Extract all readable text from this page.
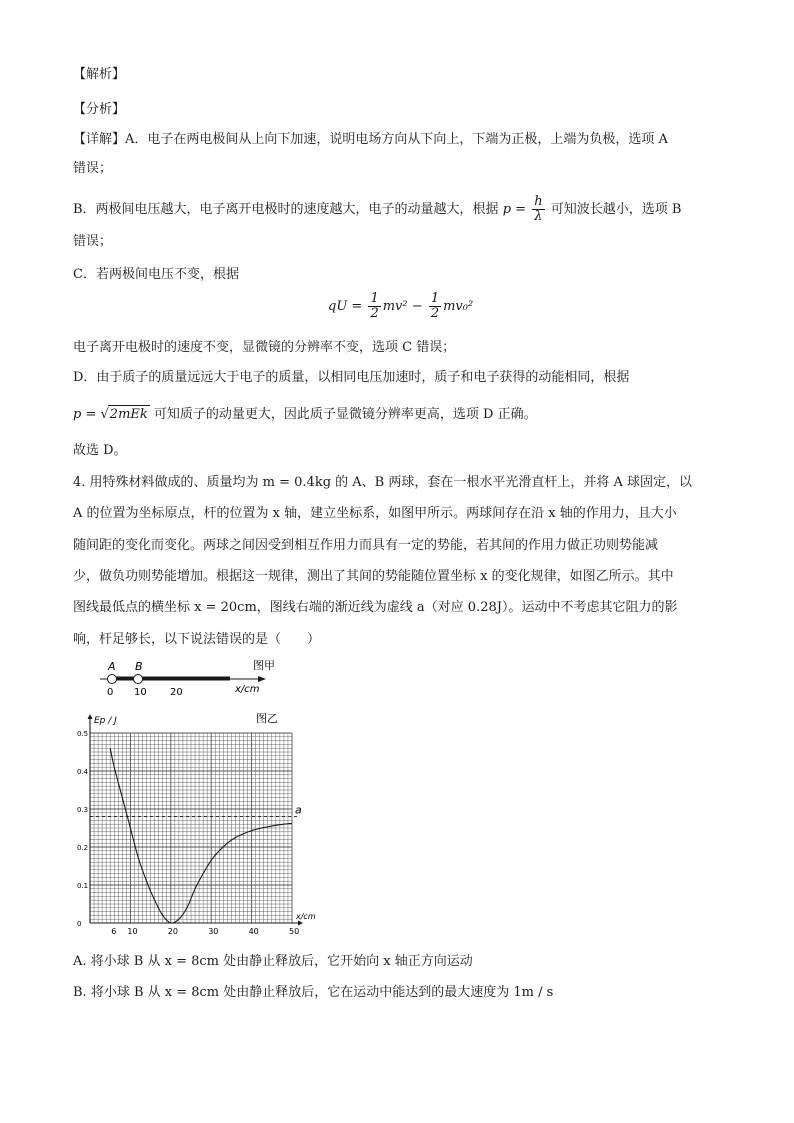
【解析】
【分析】
【详解】A．电子在两电极间从上向下加速，说明电场方向从下向上，下端为正极，上端为负极，选项 A
错误；
B．两极间电压越大，电子离开电极时的速度越大，电子的动量越大，根据 $p = \frac{h}{\lambda}$ 可知波长越小，选项 B
错误；
C．若两极间电压不变，根据
qU = $\frac{1}{2} mv^2 - \frac{1}{2} mv_0^2$
电子离开电极时的速度不变，显微镜的分辨率不变，选项 C 错误；
D．由于质子的质量远远大于电子的质量，以相同电压加速时，质子和电子获得的动能相同，根据
p = √2mEk 可知质子的动量更大，因此质子显微镜分辨率更高，选项 D 正确。
故选 D。
4. 用特殊材料做成的、质量均为 m = 0.4kg 的 A、B 两球，套在一根水平光滑直杆上，并将 A 球固定，以
A 的位置为坐标原点，杆的位置为 x 轴，建立坐标系，如图甲所示。两球间存在沿 x 轴的作用力，且大小
随间距的变化而变化。两球之间因受到相互作用力而具有一定的势能，若其间的作用力做正功则势能减
少，做负功则势能增加。根据这一规律，测出了其间的势能随位置坐标 x 的变化规律，如图乙所示。其中
图线最低点的横坐标 x = 20cm，图线右端的渐近线为虚线 a（对应 0.28J）。运动中不考虑其它阻力的影
响，杆足够长，以下说法错误的是（　　）
A B	图甲
0 10 20	x/cm
6 10	20	30	40	50
0
0.1
0.2
0.3
0.4
0.5
Ep / J	图乙
x/cm
a
A. 将小球 B 从 x = 8cm 处由静止释放后，它开始向 x 轴正方向运动
B. 将小球 B 从 x = 8cm 处由静止释放后，它在运动中能达到的最大速度为 1m / s
